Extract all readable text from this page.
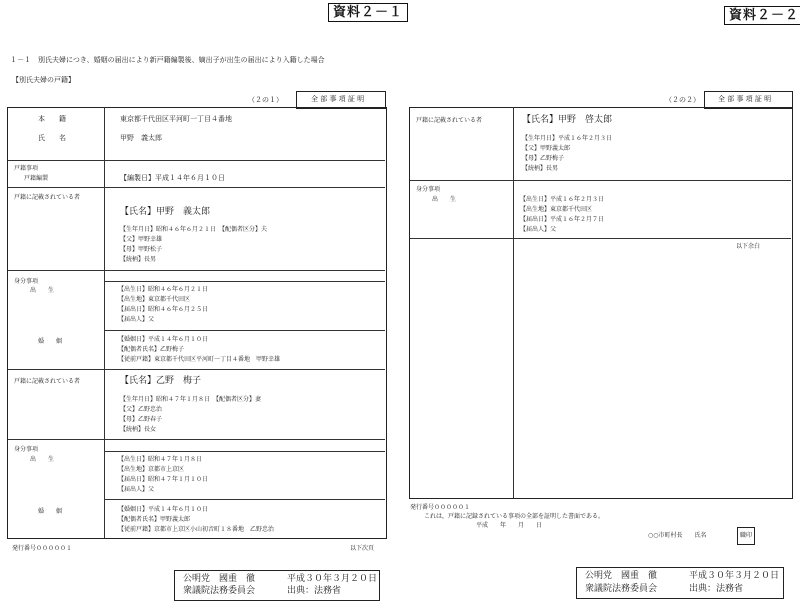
資料２－１	資料２－２
１－１　別氏夫婦につき、婚姻の届出により新戸籍編製後、嫡出子が出生の届出により入籍した場合
【別氏夫婦の戸籍】
（２の１）	全 部 事 項 証 明
本　　籍	東京都千代田区平河町一丁目４番地
氏　　名	甲野　義太郎
戸籍事項
戸籍編製	【編製日】平成１４年６月１０日
戸籍に記載されている者
【氏名】甲野　義太郎
【生年月日】昭和４６年６月２１日　【配偶者区分】夫
【父】甲野幸雄
【母】甲野松子
【続柄】長男
身分事項
出　　生	【出生日】昭和４６年６月２１日
【出生地】東京都千代田区
【届出日】昭和４６年６月２５日
【届出人】父
婚　　姻	【婚姻日】平成１４年６月１０日
【配偶者氏名】乙野梅子
【従前戸籍】東京都千代田区平河町一丁目４番地　甲野幸雄
戸籍に記載されている者	【氏名】乙野　梅子
【生年月日】昭和４７年１月８日　【配偶者区分】妻
【父】乙野忠治
【母】乙野春子
【続柄】長女
身分事項
出　　生	【出生日】昭和４７年１月８日
【出生地】京都市上京区
【届出日】昭和４７年１月１０日
【届出人】父
婚　　姻	【婚姻日】平成１４年６月１０日
【配偶者氏名】甲野義太郎
【従前戸籍】京都市上京区小山初音町１８番地　乙野忠治
発行番号０００００１	以下次頁
（２の２）	全 部 事 項 証 明
戸籍に記載されている者	【氏名】甲野　啓太郎
【生年月日】平成１６年２月３日
【父】甲野義太郎
【母】乙野梅子
【続柄】長男
身分事項
出　　生	【出生日】平成１６年２月３日
【出生地】東京都千代田区
【届出日】平成１６年２月７日
【届出人】父
以下余白
発行番号０００００１
これは，戸籍に記録されている事項の全部を証明した書面である。
平成　　年　　月　　日
○○市町村長　　氏名	職印
公明党　國重　徹	平成３０年３月２０日
衆議院法務委員会	出典：法務省
公明党　國重　徹	平成３０年３月２０日
衆議院法務委員会	出典：法務省
